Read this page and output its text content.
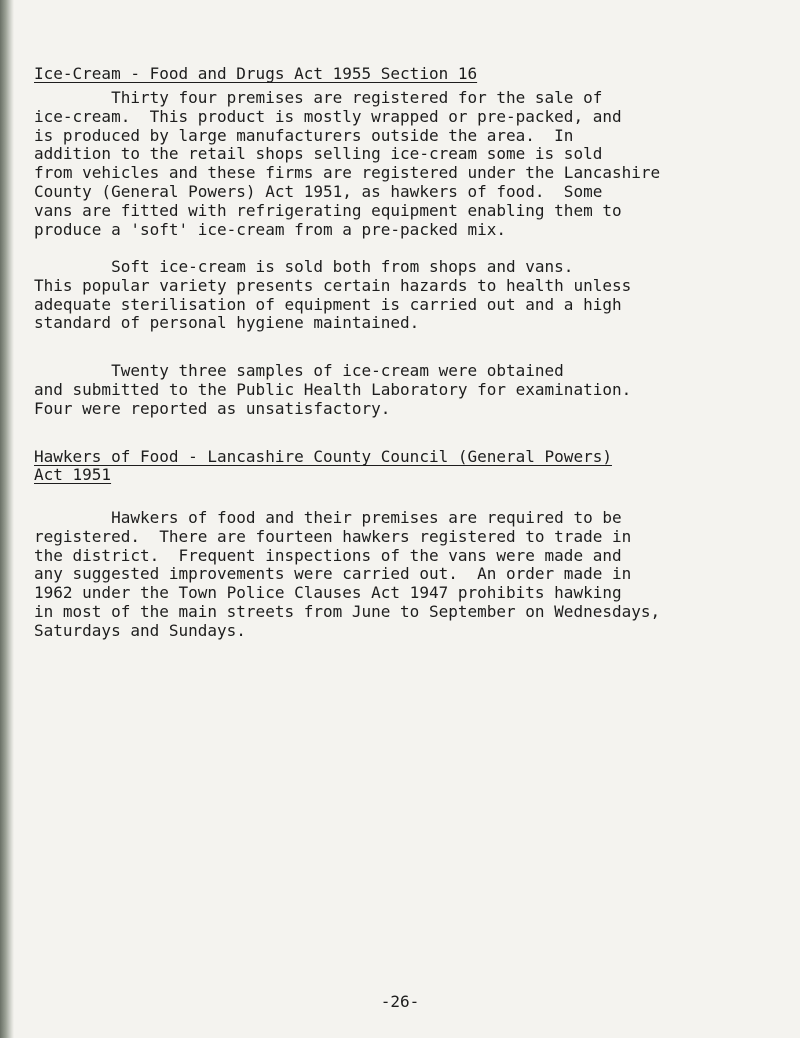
Ice-Cream - Food and Drugs Act 1955 Section 16

Thirty four premises are registered for the sale of
ice-cream.  This product is mostly wrapped or pre-packed, and
is produced by large manufacturers outside the area.  In
addition to the retail shops selling ice-cream some is sold
from vehicles and these firms are registered under the Lancashire
County (General Powers) Act 1951, as hawkers of food.  Some
vans are fitted with refrigerating equipment enabling them to
produce a 'soft' ice-cream from a pre-packed mix.

Soft ice-cream is sold both from shops and vans.
This popular variety presents certain hazards to health unless
adequate sterilisation of equipment is carried out and a high
standard of personal hygiene maintained.

Twenty three samples of ice-cream were obtained
and submitted to the Public Health Laboratory for examination.
Four were reported as unsatisfactory.

Hawkers of Food - Lancashire County Council (General Powers)
Act 1951

Hawkers of food and their premises are required to be
registered.  There are fourteen hawkers registered to trade in
the district.  Frequent inspections of the vans were made and
any suggested improvements were carried out.  An order made in
1962 under the Town Police Clauses Act 1947 prohibits hawking
in most of the main streets from June to September on Wednesdays,
Saturdays and Sundays.

-26-
